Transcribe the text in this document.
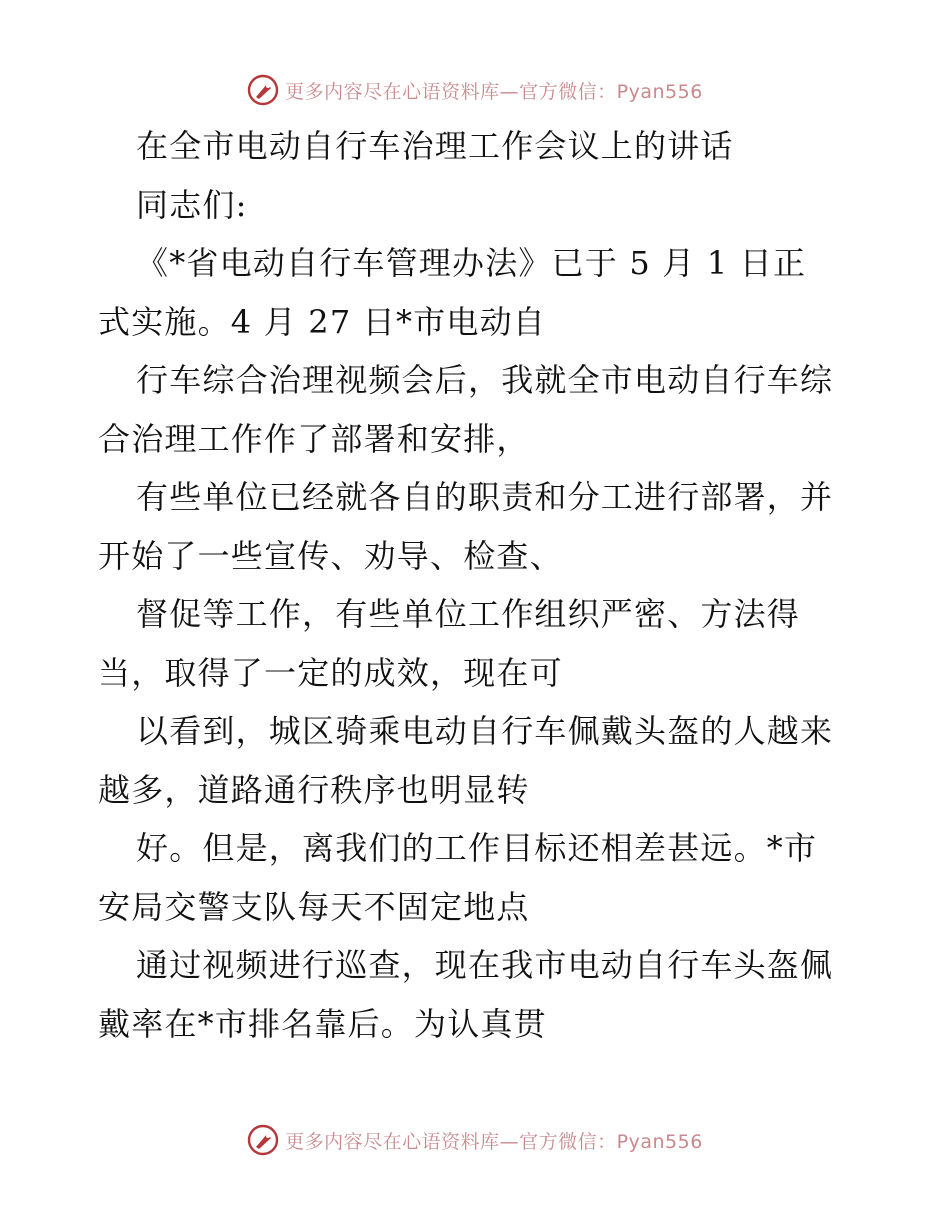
更多内容尽在心语资料库—官方微信：Pyan556
在全市电动自行车治理工作会议上的讲话
同志们:
《*省电动自行车管理办法》已于 5 月 1 日正
式实施。4 月 27 日*市电动自
行车综合治理视频会后，我就全市电动自行车综
合治理工作作了部署和安排，
有些单位已经就各自的职责和分工进行部署，并
开始了一些宣传、劝导、检查、
督促等工作，有些单位工作组织严密、方法得
当，取得了一定的成效，现在可
以看到，城区骑乘电动自行车佩戴头盔的人越来
越多，道路通行秩序也明显转
好。但是，离我们的工作目标还相差甚远。*市
安局交警支队每天不固定地点
通过视频进行巡查，现在我市电动自行车头盔佩
戴率在*市排名靠后。为认真贯
更多内容尽在心语资料库—官方微信：Pyan556
